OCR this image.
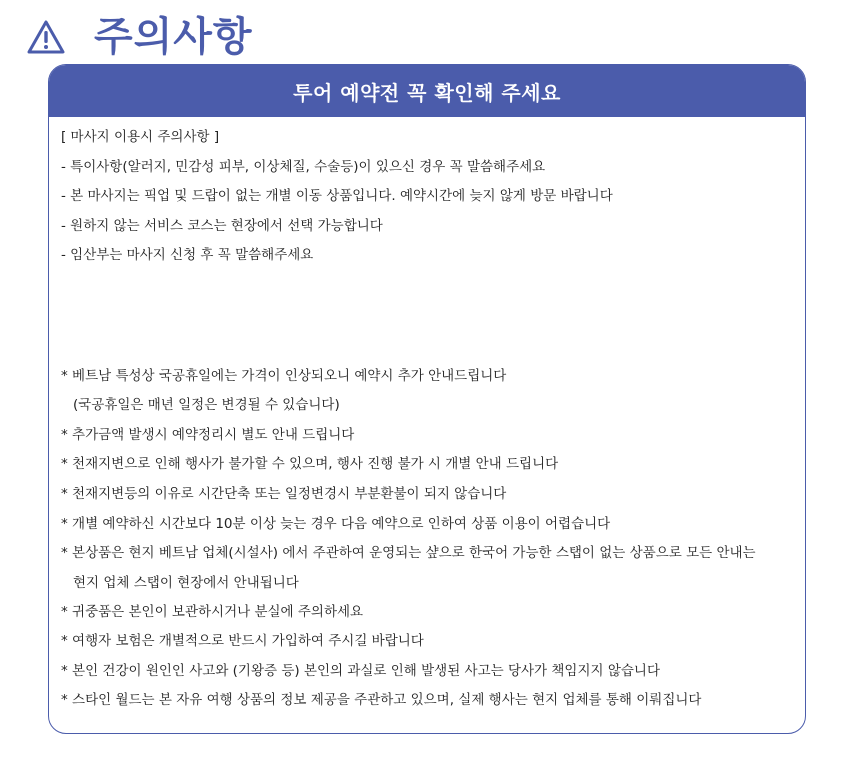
주의사항
투어 예약전 꼭 확인해 주세요
[ 마사지 이용시 주의사항 ]
- 특이사항(알러지, 민감성 피부, 이상체질, 수술등)이 있으신 경우 꼭 말씀해주세요
- 본 마사지는 픽업 및 드랍이 없는 개별 이동 상품입니다. 예약시간에 늦지 않게 방문 바랍니다
- 원하지 않는 서비스 코스는 현장에서 선택 가능합니다
- 임산부는 마사지 신청 후 꼭 말씀해주세요
* 베트남 특성상 국공휴일에는 가격이 인상되오니 예약시 추가 안내드립니다
(국공휴일은 매년 일정은 변경될 수 있습니다)
* 추가금액 발생시 예약정리시 별도 안내 드립니다
* 천재지변으로 인해 행사가 불가할 수 있으며, 행사 진행 불가 시 개별 안내 드립니다
* 천재지변등의 이유로 시간단축 또는 일정변경시 부분환불이 되지 않습니다
* 개별 예약하신 시간보다 10분 이상 늦는 경우 다음 예약으로 인하여 상품 이용이 어렵습니다
* 본상품은 현지 베트남 업체(시설사) 에서 주관하여 운영되는 샾으로 한국어 가능한 스탭이 없는 상품으로 모든 안내는
현지 업체 스탭이 현장에서 안내됩니다
* 귀중품은 본인이 보관하시거나 분실에 주의하세요
* 여행자 보험은 개별적으로 반드시 가입하여 주시길 바랍니다
* 본인 건강이 원인인 사고와 (기왕증 등) 본인의 과실로 인해 발생된 사고는 당사가 책임지지 않습니다
* 스타인 월드는 본 자유 여행 상품의 정보 제공을 주관하고 있으며, 실제 행사는 현지 업체를 통해 이뤄집니다
